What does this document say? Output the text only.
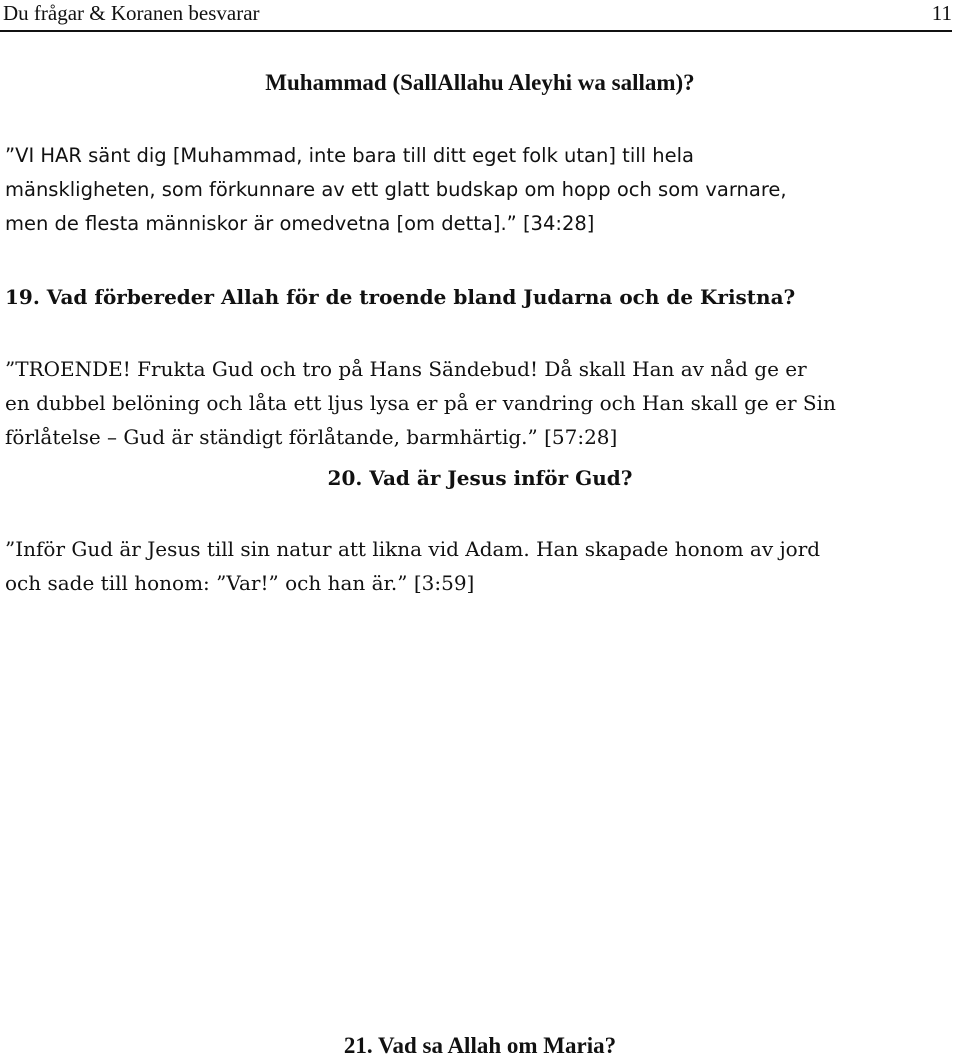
Du frågar & Koranen besvarar	11
Muhammad (SallAllahu Aleyhi wa sallam)?
”VI HAR sänt dig [Muhammad, inte bara till ditt eget folk utan] till hela
mänskligheten, som förkunnare av ett glatt budskap om hopp och som varnare,
men de flesta människor är omedvetna [om detta].” [34:28]
19. Vad förbereder Allah för de troende bland Judarna och de Kristna?
”TROENDE! Frukta Gud och tro på Hans Sändebud! Då skall Han av nåd ge er
en dubbel belöning och låta ett ljus lysa er på er vandring och Han skall ge er Sin
förlåtelse – Gud är ständigt förlåtande, barmhärtig.” [57:28]
20. Vad är Jesus inför Gud?
”Inför Gud är Jesus till sin natur att likna vid Adam. Han skapade honom av jord
och sade till honom: ”Var!” och han är.” [3:59]
21. Vad sa Allah om Maria?
